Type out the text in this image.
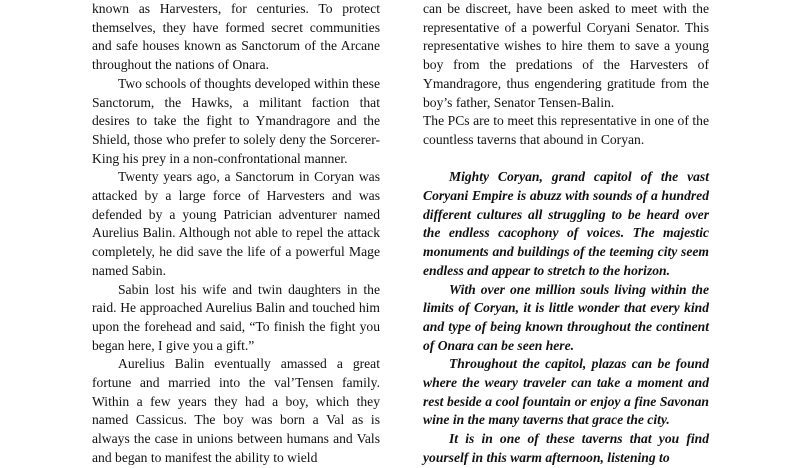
known as Harvesters, for centuries. To protect themselves, they have formed secret communities and safe houses known as Sanctorum of the Arcane throughout the nations of Onara.

Two schools of thoughts developed within these Sanctorum, the Hawks, a militant faction that desires to take the fight to Ymandragore and the Shield, those who prefer to solely deny the Sorcerer-King his prey in a non-confrontational manner.

Twenty years ago, a Sanctorum in Coryan was attacked by a large force of Harvesters and was defended by a young Patrician adventurer named Aurelius Balin. Although not able to repel the attack completely, he did save the life of a powerful Mage named Sabin.

Sabin lost his wife and twin daughters in the raid. He approached Aurelius Balin and touched him upon the forehead and said, “To finish the fight you began here, I give you a gift.”

Aurelius Balin eventually amassed a great fortune and married into the val’Tensen family. Within a few years they had a boy, which they named Cassicus. The boy was born a Val as is always the case in unions between humans and Vals and began to manifest the ability to wield

can be discreet, have been asked to meet with the representative of a powerful Coryani Senator. This representative wishes to hire them to save a young boy from the predations of the Harvesters of Ymandragore, thus engendering gratitude from the boy’s father, Senator Tensen-Balin.

The PCs are to meet this representative in one of the countless taverns that abound in Coryan.

Mighty Coryan, grand capitol of the vast Coryani Empire is abuzz with sounds of a hundred different cultures all struggling to be heard over the endless cacophony of voices. The majestic monuments and buildings of the teeming city seem endless and appear to stretch to the horizon.

With over one million souls living within the limits of Coryan, it is little wonder that every kind and type of being known throughout the continent of Onara can be seen here.

Throughout the capitol, plazas can be found where the weary traveler can take a moment and rest beside a cool fountain or enjoy a fine Savonan wine in the many taverns that grace the city.

It is in one of these taverns that you find yourself in this warm afternoon, listening to
